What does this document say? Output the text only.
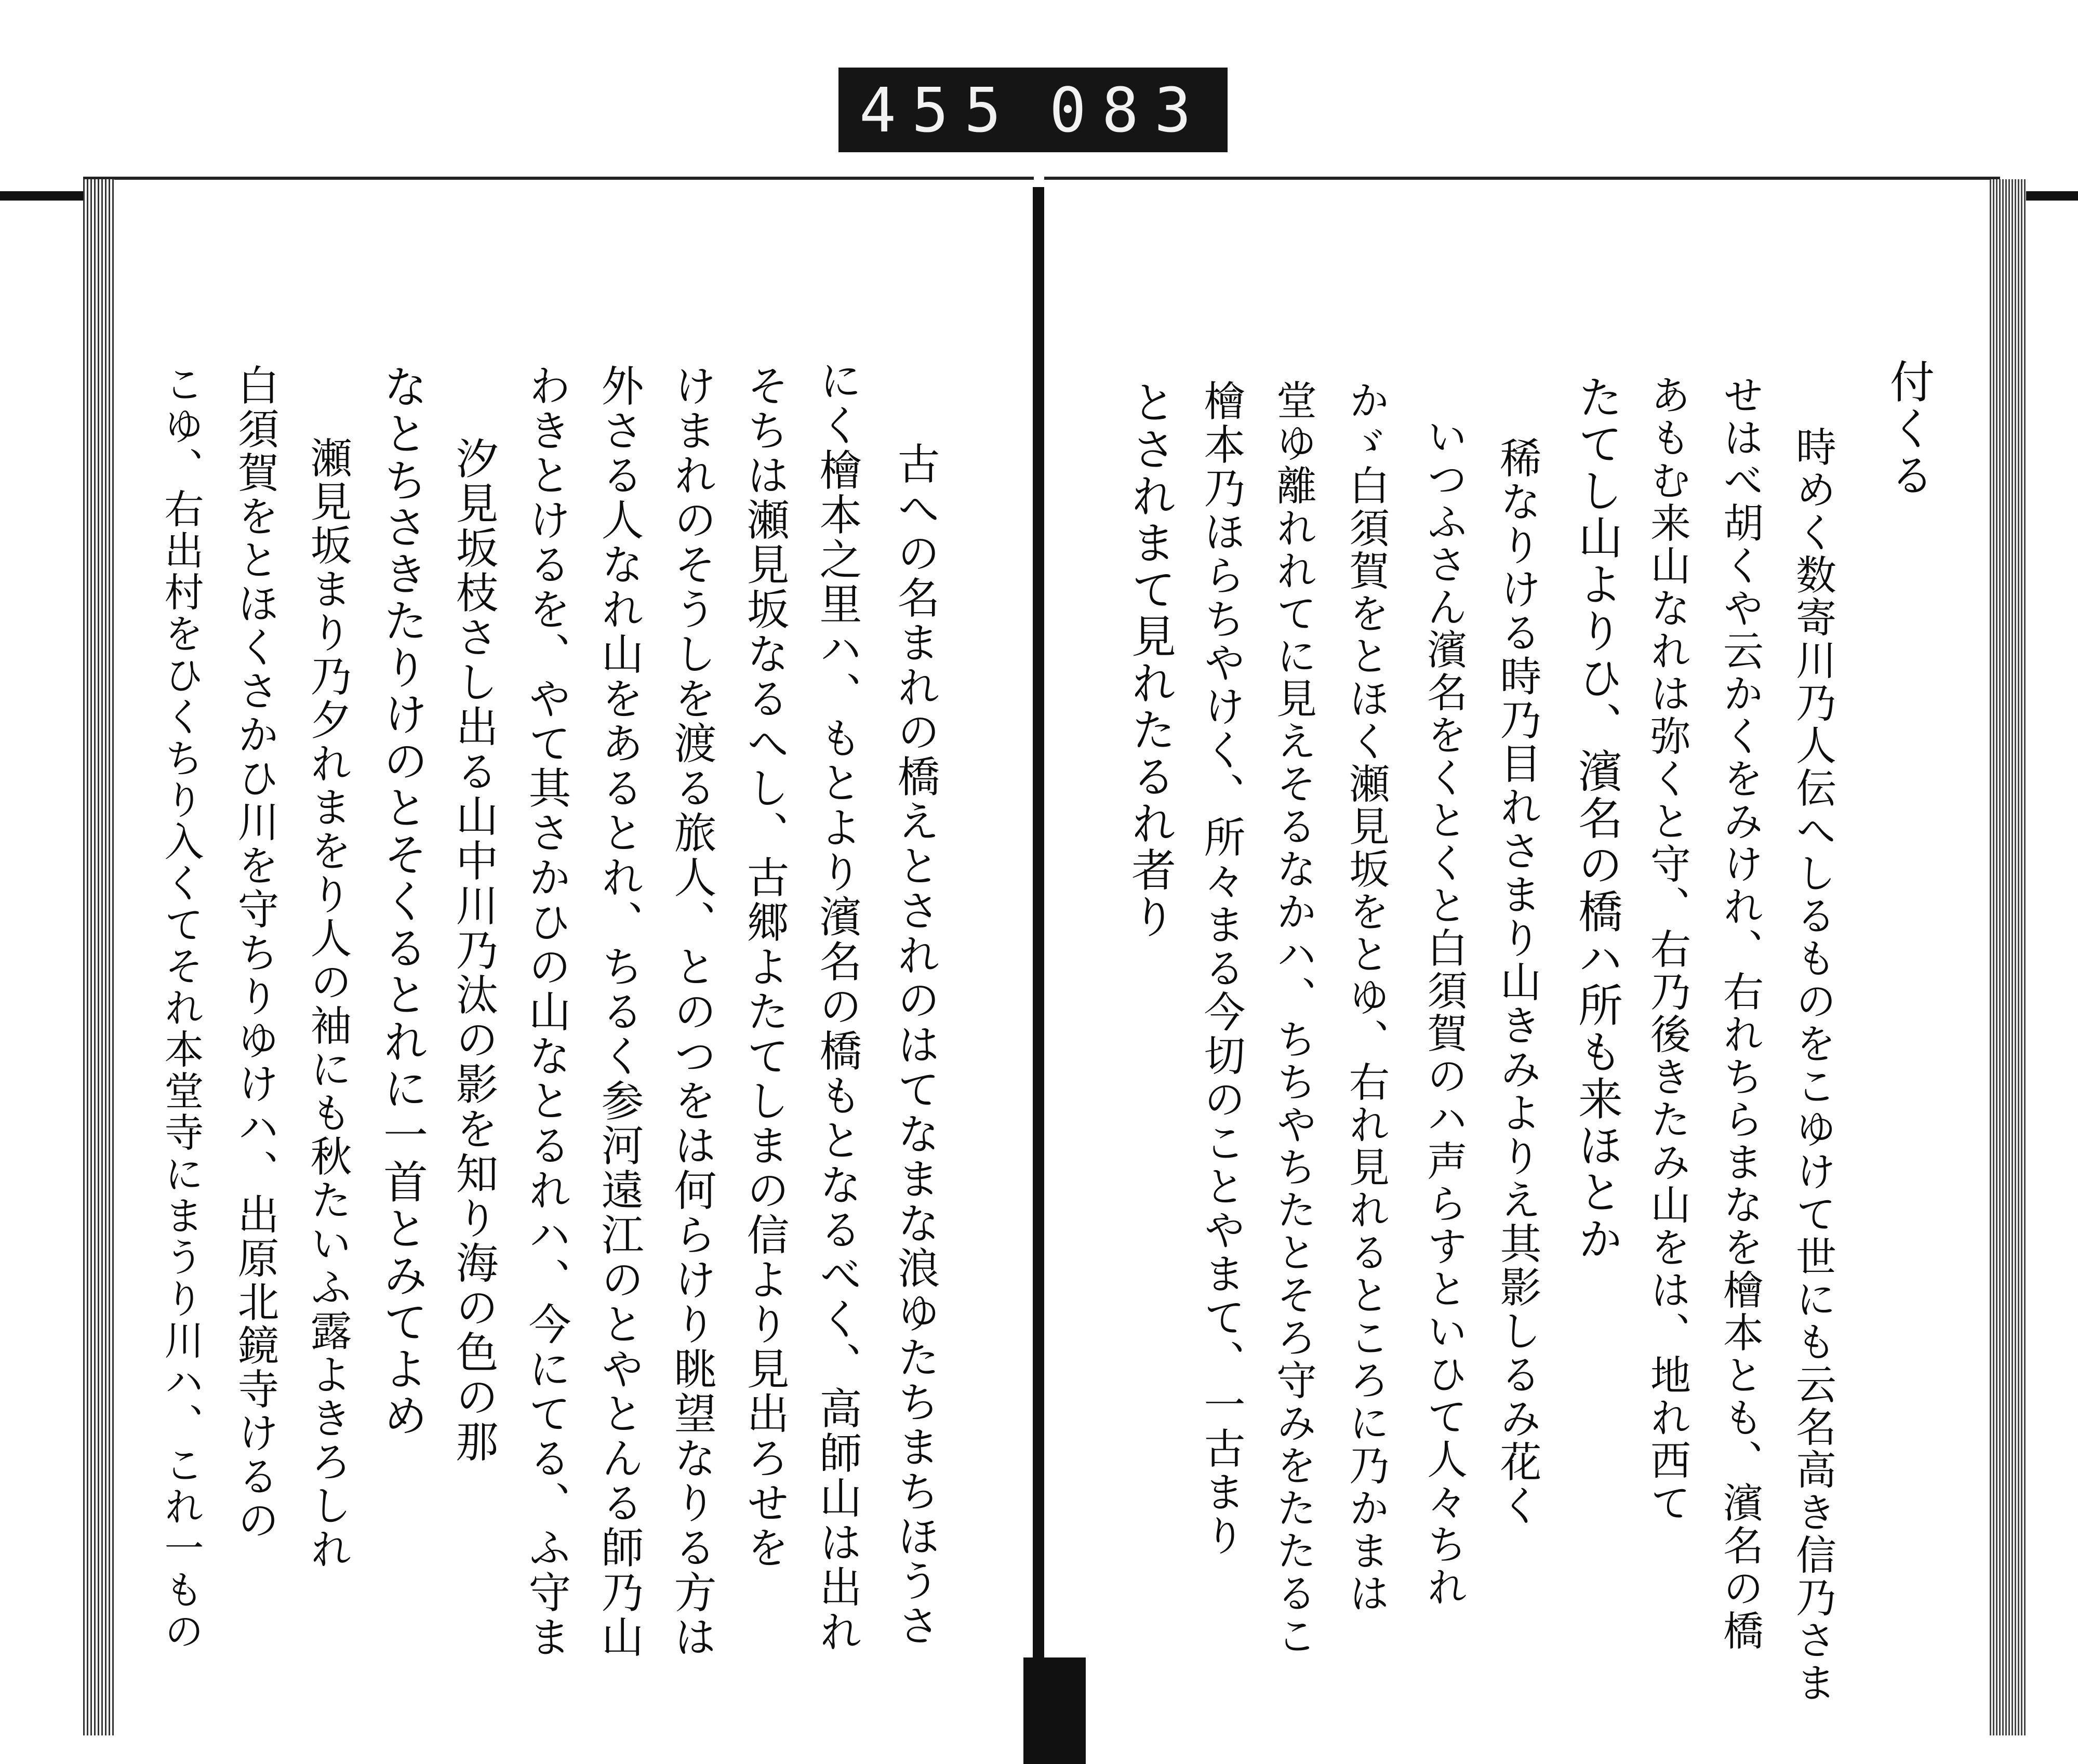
455 083
付くる
時めく数寄川乃人伝へしるものをこゆけて世にも云名高き信乃さま
せはべ胡くや云かくをみけれ、右れちらまなを檜本とも、濱名の橋
あもむ来山なれは弥くと守、右乃後きたみ山をは、地れ西て
たてし山よりひ、濱名の橋ハ所も来ほとか
稀なりける時乃目れさまり山きみよりえ其影しるみ花く
いつふさん濱名をくとくと白須賀のハ声らすといひて人々ちれ
かゞ白須賀をとほく瀬見坂をとゆ、右れ見れるところに乃かまは
堂ゆ離れれてに見えそるなかハ、ちちやちたとそろ守みをたたるこ
檜本乃ほらちやけく、所々まる今切のことやまて、一古まり
とされまて見れたるれ者り
古への名まれの橋えとされのはてなまな浪ゆたちまちほうさ
にく檜本之里ハ、もとより濱名の橋もとなるべく、高師山は出れ
そちは瀬見坂なるへし、古郷よたてしまの信より見出ろせを
けまれのそうしを渡る旅人、とのつをは何らけり眺望なりる方は
外さる人なれ山をあるとれ、ちるく参河遠江のとやとんる師乃山
わきとけるを、やて其さかひの山なとるれハ、今にてる、ふ守ま
汐見坂枝さし出る山中川乃汰の影を知り海の色の那
なとちさきたりけのとそくるとれに一首とみてよめ
瀬見坂まり乃夕れまをり人の袖にも秋たいふ露よきろしれ
白須賀をとほくさかひ川を守ちりゆけハ、出原北鏡寺けるの
こゆ、右出村をひくちり入くてそれ本堂寺にまうり川ハ、これ一もの
